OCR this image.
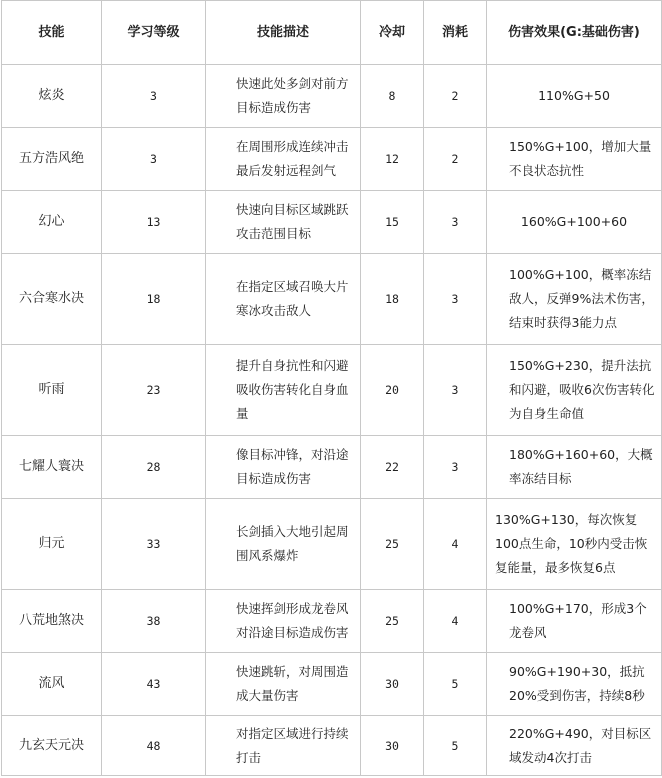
技能	学习等级	技能描述	冷却	消耗	伤害效果(G:基础伤害)
炫炎	3	快速此处多剑对前方目标造成伤害	8	2	110%G+50
五方浩风绝	3	在周围形成连续冲击最后发射远程剑气	12	2	150%G+100，增加大量不良状态抗性
幻心	13	快速向目标区域跳跃攻击范围目标	15	3	160%G+100+60
六合寒水决	18	在指定区域召唤大片寒冰攻击敌人	18	3	100%G+100，概率冻结敌人，反弹9%法术伤害，结束时获得3能力点
听雨	23	提升自身抗性和闪避吸收伤害转化自身血量	20	3	150%G+230，提升法抗和闪避，吸收6次伤害转化为自身生命值
七耀人寰决	28	像目标冲锋，对沿途目标造成伤害	22	3	180%G+160+60，大概率冻结目标
归元	33	长剑插入大地引起周围风系爆炸	25	4	130%G+130，每次恢复100点生命，10秒内受击恢复能量，最多恢复6点
八荒地煞决	38	快速挥剑形成龙卷风对沿途目标造成伤害	25	4	100%G+170，形成3个龙卷风
流风	43	快速跳斩，对周围造成大量伤害	30	5	90%G+190+30，抵抗20%受到伤害，持续8秒
九玄天元决	48	对指定区域进行持续打击	30	5	220%G+490，对目标区域发动4次打击
